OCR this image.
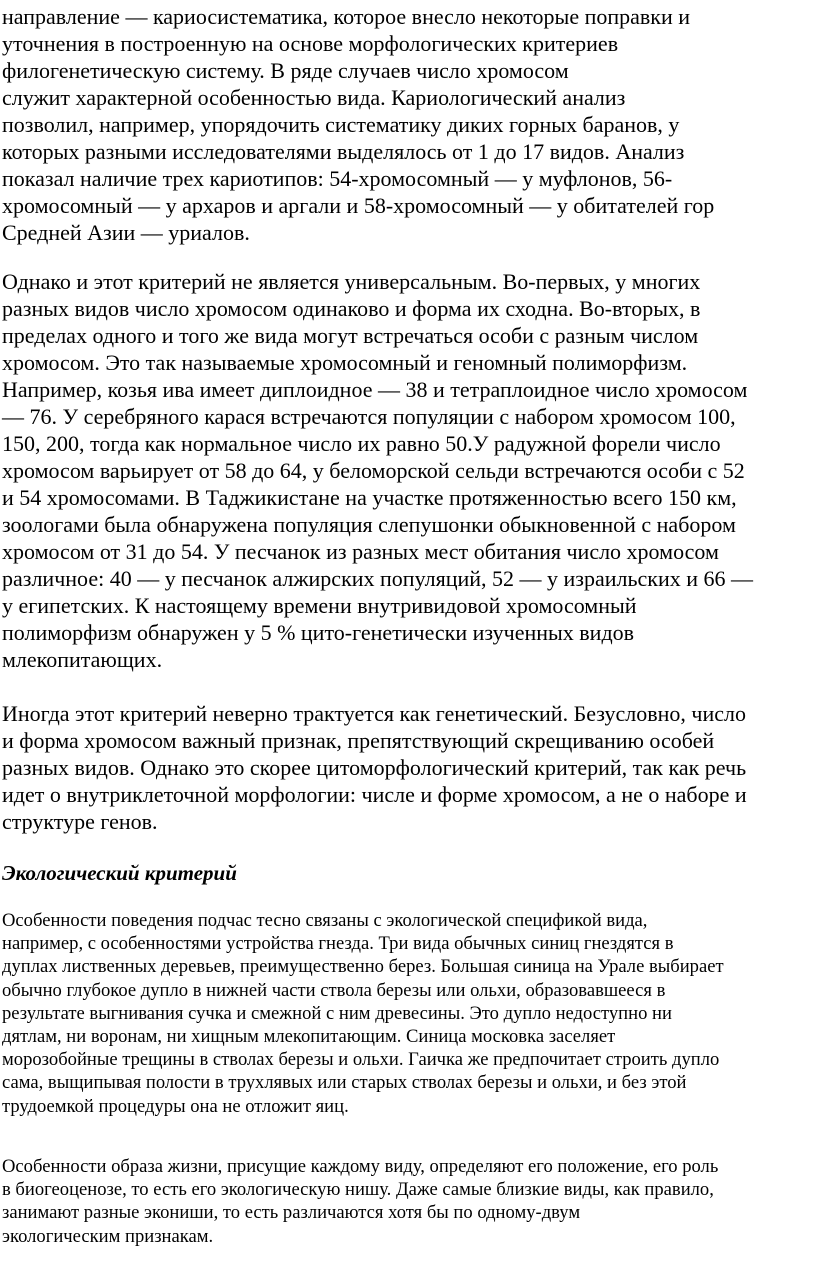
направление — кариосистематика, которое внесло некоторые поправки и
уточнения в построенную на основе морфологических критериев
филогенетическую систему. В ряде случаев число хромосом
служит характерной особенностью вида. Кариологический анализ
позволил, например, упорядочить систематику диких горных баранов, у
которых разными исследователями выделялось от 1 до 17 видов. Анализ
показал наличие трех кариотипов: 54-хромосомный — у муфлонов, 56-
хромосомный — у архаров и аргали и 58-хромосомный — у обитателей гор
Средней Азии — уриалов.

Однако и этот критерий не является универсальным. Во-первых, у многих
разных видов число хромосом одинаково и форма их сходна. Во-вторых, в
пределах одного и того же вида могут встречаться особи с разным числом
хромосом. Это так называемые хромосомный и геномный полиморфизм.
Например, козья ива имеет диплоидное — 38 и тетраплоидное число хромосом
— 76. У серебряного карася встречаются популяции с набором хромосом 100,
150, 200, тогда как нормальное число их равно 50.У радужной форели число
хромосом варьирует от 58 до 64, у беломорской сельди встречаются особи с 52
и 54 хромосомами. В Таджикистане на участке протяженностью всего 150 км,
зоологами была обнаружена популяция слепушонки обыкновенной с набором
хромосом от 31 до 54. У песчанок из разных мест обитания число хромосом
различное: 40 — у песчанок алжирских популяций, 52 — у израильских и 66 —
у египетских. К настоящему времени внутривидовой хромосомный
полиморфизм обнаружен у 5 % цито-генетически изученных видов
млекопитающих.

Иногда этот критерий неверно трактуется как генетический. Безусловно, число
и форма хромосом важный признак, препятствующий скрещиванию особей
разных видов. Однако это скорее цитоморфологический критерий, так как речь
идет о внутриклеточной морфологии: числе и форме хромосом, а не о наборе и
структуре генов.

Экологический критерий

Особенности поведения подчас тесно связаны с экологической спецификой вида,
например, с особенностями устройства гнезда. Три вида обычных синиц гнездятся в
дуплах лиственных деревьев, преимущественно берез. Большая синица на Урале выбирает
обычно глубокое дупло в нижней части ствола березы или ольхи, образовавшееся в
результате выгнивания сучка и смежной с ним древесины. Это дупло недоступно ни
дятлам, ни воронам, ни хищным млекопитающим. Синица московка заселяет
морозобойные трещины в стволах березы и ольхи. Гаичка же предпочитает строить дупло
сама, выщипывая полости в трухлявых или старых стволах березы и ольхи, и без этой
трудоемкой процедуры она не отложит яиц.

Особенности образа жизни, присущие каждому виду, определяют его положение, его роль
в биогеоценозе, то есть его экологическую нишу. Даже самые близкие виды, как правило,
занимают разные экониши, то есть различаются хотя бы по одному-двум
экологическим признакам.
